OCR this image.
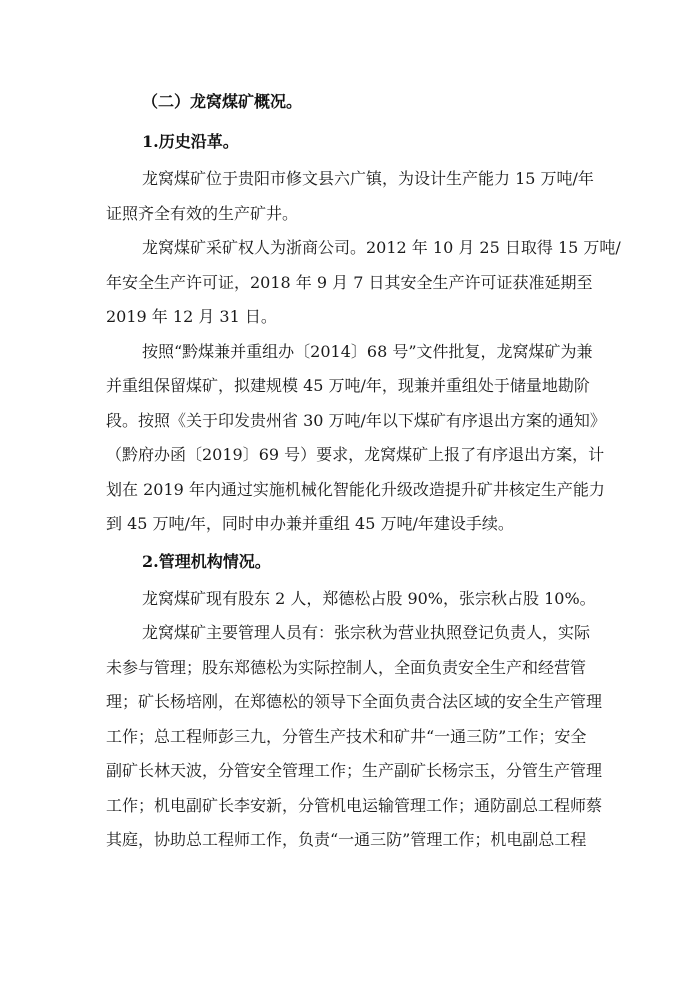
（二）龙窝煤矿概况。
1.历史沿革。
龙窝煤矿位于贵阳市修文县六广镇，为设计生产能力 15 万吨/年
证照齐全有效的生产矿井。
龙窝煤矿采矿权人为浙商公司。2012 年 10 月 25 日取得 15 万吨/
年安全生产许可证，2018 年 9 月 7 日其安全生产许可证获准延期至
2019 年 12 月 31 日。
按照“黔煤兼并重组办〔2014〕68 号”文件批复，龙窝煤矿为兼
并重组保留煤矿，拟建规模 45 万吨/年，现兼并重组处于储量地勘阶
段。按照《关于印发贵州省 30 万吨/年以下煤矿有序退出方案的通知》
（黔府办函〔2019〕69 号）要求，龙窝煤矿上报了有序退出方案，计
划在 2019 年内通过实施机械化智能化升级改造提升矿井核定生产能力
到 45 万吨/年，同时申办兼并重组 45 万吨/年建设手续。
2.管理机构情况。
龙窝煤矿现有股东 2 人，郑德松占股 90%，张宗秋占股 10%。
龙窝煤矿主要管理人员有：张宗秋为营业执照登记负责人，实际
未参与管理；股东郑德松为实际控制人，全面负责安全生产和经营管
理；矿长杨培刚，在郑德松的领导下全面负责合法区域的安全生产管理
工作；总工程师彭三九，分管生产技术和矿井“一通三防”工作；安全
副矿长林天波，分管安全管理工作；生产副矿长杨宗玉，分管生产管理
工作；机电副矿长李安新，分管机电运输管理工作；通防副总工程师蔡
其庭，协助总工程师工作，负责“一通三防”管理工作；机电副总工程
